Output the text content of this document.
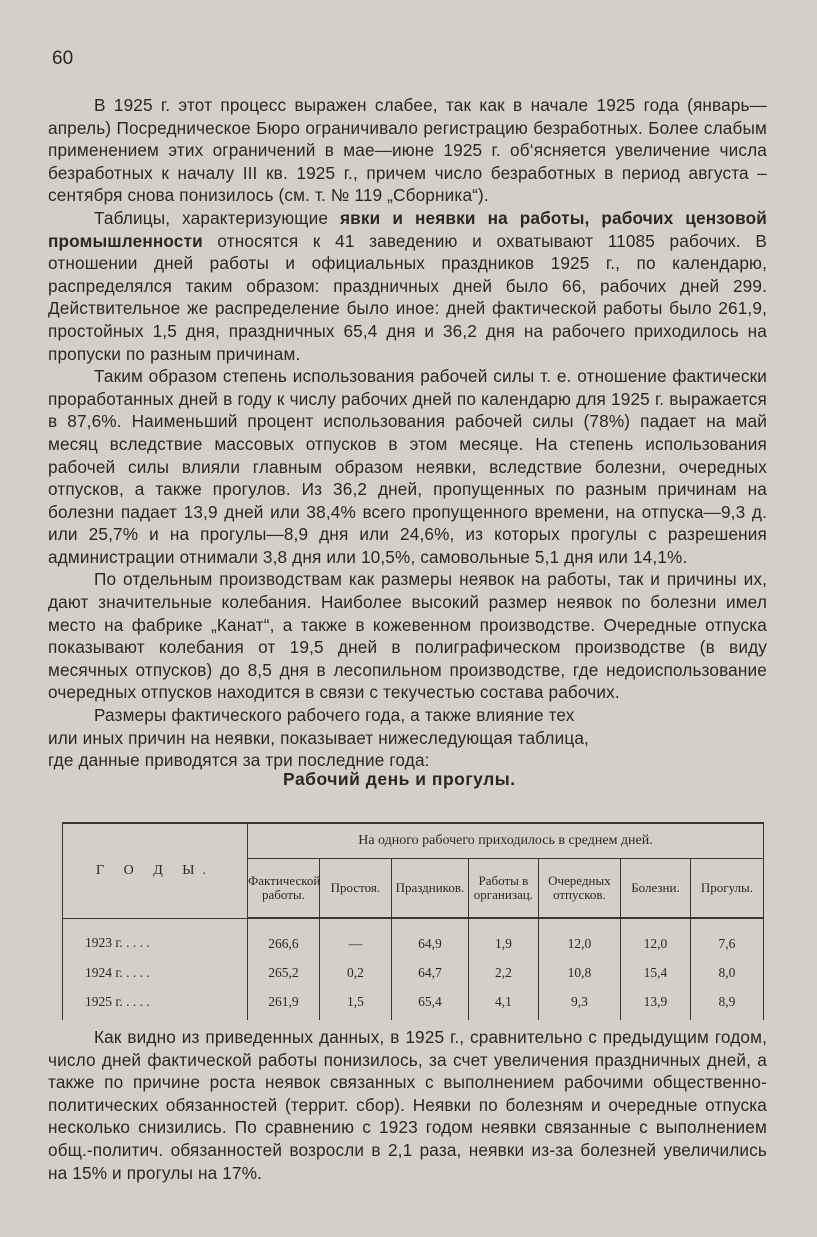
60

В 1925 г. этот процесс выражен слабее, так как в начале 1925 года (январь—апрель) Посредническое Бюро ограничивало регистрацию безработных. Более слабым применением этих ограничений в мае—июне 1925 г. об‘ясняется увеличение числа безработных к началу III кв. 1925 г., причем число безработных в период августа – сентября снова понизилось (см. т. № 119 „Сборника“).

Таблицы, характеризующие явки и неявки на работы, рабочих цензовой промышленности относятся к 41 заведению и охватывают 11085 рабочих. В отношении дней работы и официальных праздников 1925 г., по календарю, распределялся таким образом: праздничных дней было 66, рабочих дней 299. Действительное же распределение было иное: дней фактической работы было 261,9, простойных 1,5 дня, праздничных 65,4 дня и 36,2 дня на рабочего приходилось на пропуски по разным причинам.

Таким образом степень использования рабочей силы т. е. отношение фактически проработанных дней в году к числу рабочих дней по календарю для 1925 г. выражается в 87,6%. Наименьший процент использования рабочей силы (78%) падает на май месяц вследствие массовых отпусков в этом месяце. На степень использования рабочей силы влияли главным образом неявки, вследствие болезни, очередных отпусков, а также прогулов. Из 36,2 дней, пропущенных по разным причинам на болезни падает 13,9 дней или 38,4% всего пропущенного времени, на отпуска—9,3 д. или 25,7% и на прогулы—8,9 дня или 24,6%, из которых прогулы с разрешения администрации отнимали 3,8 дня или 10,5%, самовольные 5,1 дня или 14,1%.

По отдельным производствам как размеры неявок на работы, так и причины их, дают значительные колебания. Наиболее высокий размер неявок по болезни имел место на фабрике „Канат“, а также в кожевенном производстве. Очередные отпуска показывают колебания от 19,5 дней в полиграфическом производстве (в виду месячных отпусков) до 8,5 дня в лесопильном производстве, где недоиспользование очередных отпусков находится в связи с текучестью состава рабочих.

Размеры фактического рабочего года, а также влияние тех или иных причин на неявки, показывает нижеследующая таблица, где данные приводятся за три последние года:

Рабочий день и прогулы.
Г О Д Ы.	На одного рабочего приходилось в среднем дней.						
	Фактической работы.	Простоя.	Праздников.	Работы в организац.	Очередных отпусков.	Болезни.	Прогулы.
1923 г. . . . .	266,6	—	64,9	1,9	12,0	12,0	7,6
1924 г. . . . .	265,2	0,2	64,7	2,2	10,8	15,4	8,0
1925 г. . . . .	261,9	1,5	65,4	4,1	9,3	13,9	8,9

Как видно из приведенных данных, в 1925 г., сравнительно с предыдущим годом, число дней фактической работы понизилось, за счет увеличения праздничных дней, а также по причине роста неявок связанных с выполнением рабочими общественно-политических обязанностей (террит. сбор). Неявки по болезням и очередные отпуска несколько снизились. По сравнению с 1923 годом неявки связанные с выполнением общ.-политич. обязанностей возросли в 2,1 раза, неявки из-за болезней увеличились на 15% и прогулы на 17%.
